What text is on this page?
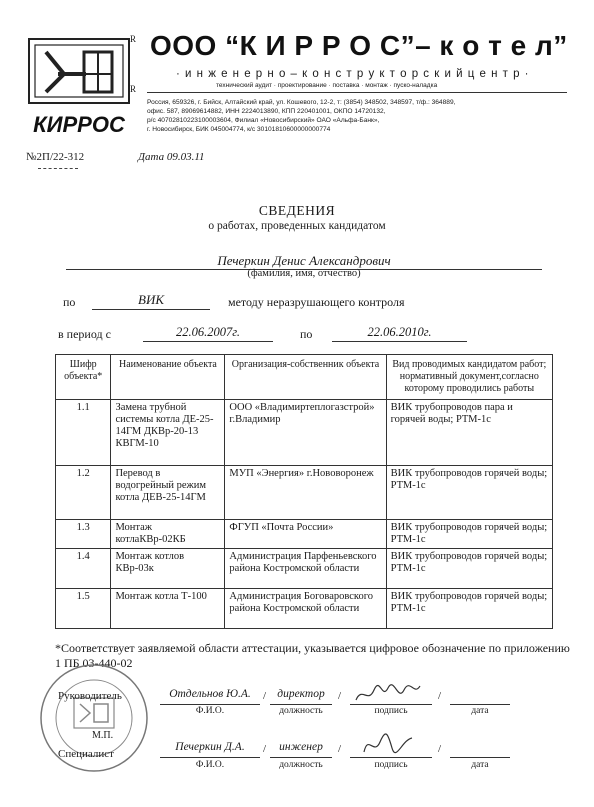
КИРРОС
R
R
ООО “К И Р Р О С”– к о т е л”
· и н ж е н е р н о – к о н с т р у к т о р с к и й ц е н т р ·
технический аудит · проектирование · поставка · монтаж · пуско-наладка
Россия, 659326, г. Бийск, Алтайский край, ул. Кошевого, 12-2, т: (3854) 348502, 348597, т/ф.: 364889,
офис. 587, 89069614882, ИНН 2224013890, КПП 220401001, ОКПО 14720132,
р/с 40702810223100003604, Филиал «Новосибирский» ОАО «Альфа-Банк»,
г. Новосибирск, БИК 045004774, к/с 30101810600000000774
№2П/22-312	Дата 09.03.11
СВЕДЕНИЯ
о работах, проведенных кандидатом
Печеркин Денис Александрович
(фамилия, имя, отчество)
по	ВИК	методу неразрушающего контроля
в период с	22.06.2007г.	по	22.06.2010г.
Шифр объекта*	Наименование объекта	Организация-собственник объекта	Вид проводимых кандидатом работ; нормативный документ,согласно которому проводились работы
1.1	Замена трубной системы котла ДЕ-25-14ГМ ДКВр-20-13 КВГМ-10	ООО «Владимиртеплогазстрой» г.Владимир	ВИК трубопроводов пара и горячей воды; РТМ-1с
1.2	Перевод в водогрейный режим котла ДЕВ-25-14ГМ	МУП «Энергия» г.Нововоронеж	ВИК трубопроводов горячей воды; РТМ-1с
1.3	Монтаж котлаКВр-02КБ	ФГУП «Почта России»	ВИК трубопроводов горячей воды; РТМ-1с
1.4	Монтаж котлов КВр-03к	Администрация Парфеньевского района Костромской области	ВИК трубопроводов горячей воды; РТМ-1с
1.5	Монтаж котла Т-100	Администрация Боговаровского района Костромской области	ВИК трубопроводов горячей воды; РТМ-1с
*Соответствует заявляемой области аттестации, указывается цифровое обозначение по приложению 1 ПБ 03-440-02
М.П.
Руководитель	Отдельнов Ю.А.	/ директор	/	/
Ф.И.О.	должность	подпись	дата
Специалист
Печеркин Д.А.	/	инженер	/	/
Ф.И.О.	должность	подпись	дата
